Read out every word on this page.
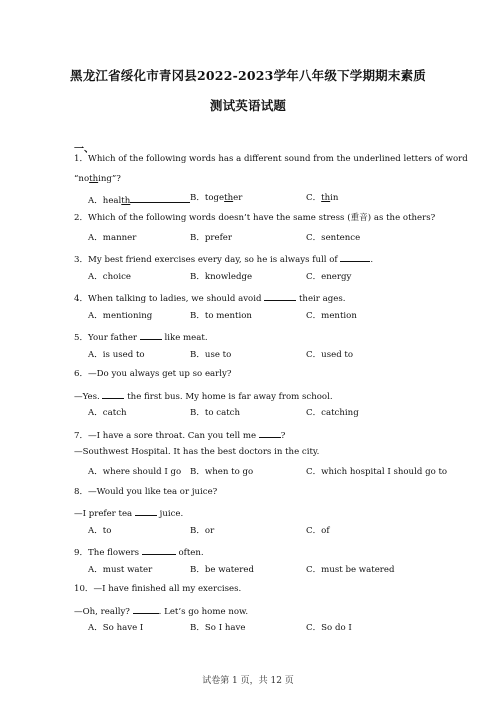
黑龙江省绥化市青冈县2022-2023学年八年级下学期期末素质
测试英语试题
一、
1．Which of the following words has a different sound from the underlined letters of word
“nothing”?
A．health	B．together	C．thin
2．Which of the following words doesn’t have the same stress (重音) as the others?
A．manner	B．prefer	C．sentence
3．My best friend exercises every day, so he is always full of	.
A．choice	B．knowledge	C．energy
4．When talking to ladies, we should avoid	their ages.
A．mentioning	B．to mention	C．mention
5．Your father	like meat.
A．is used to	B．use to	C．used to
6．—Do you always get up so early?
—Yes.	the first bus. My home is far away from school.
A．catch	B．to catch	C．catching
7．—I have a sore throat. Can you tell me	?
—Southwest Hospital. It has the best doctors in the city.
A．where should I go B．when to go	C．which hospital I should go to
8．—Would you like tea or juice?
—I prefer tea	juice.
A．to	B．or	C．of
9．The flowers	often.
A．must water	B．be watered	C．must be watered
10．—I have finished all my exercises.
—Oh, really?	. Let’s go home now.
A．So have I	B．So I have	C．So do I
试卷第 1 页，共 12 页
